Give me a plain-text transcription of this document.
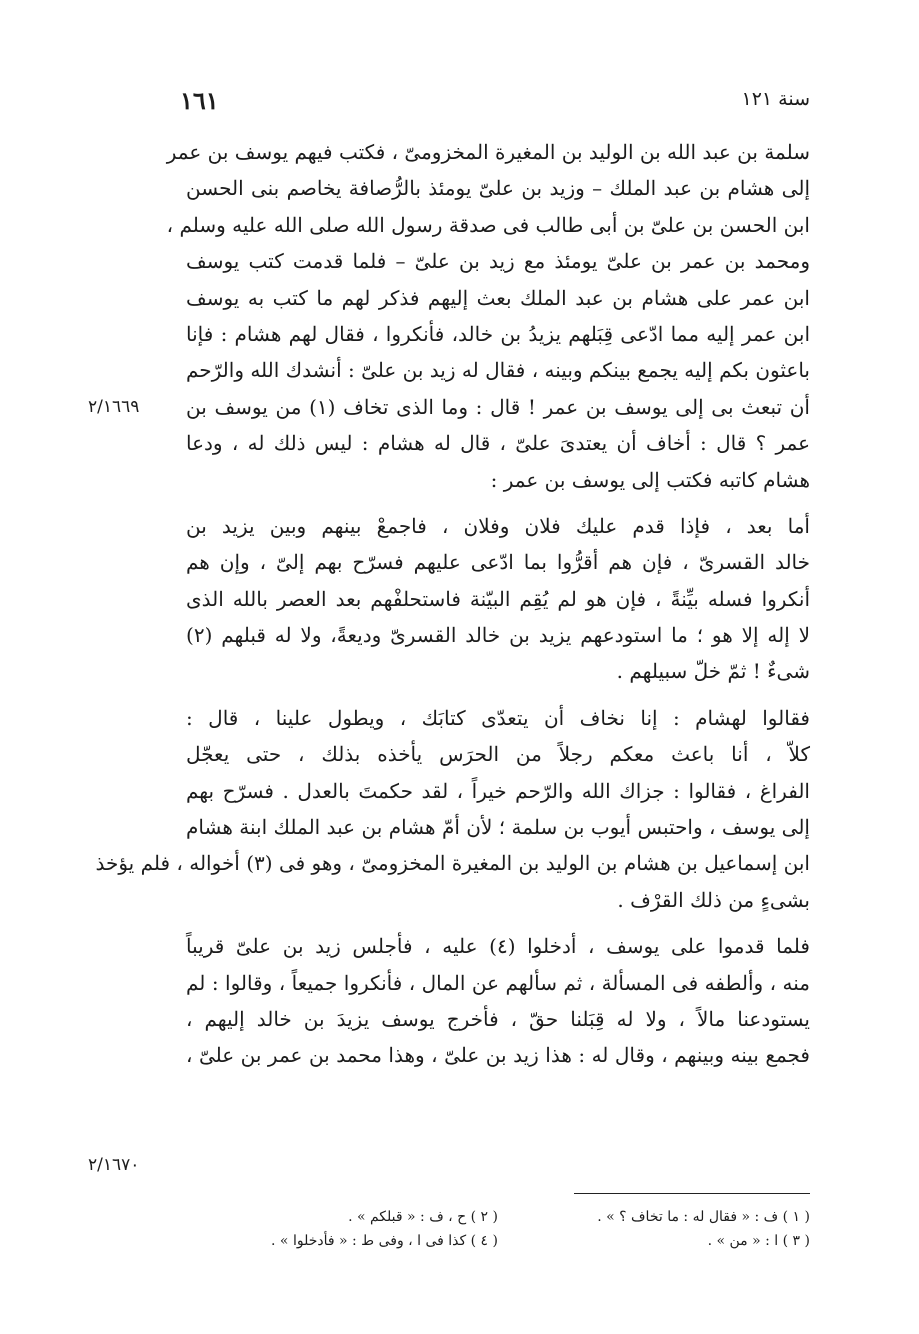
سنة ١٢١
١٦١
سلمة بن عبد الله بن الوليد بن المغيرة المخزومىّ ، فكتب فيهم يوسف بن عمر
إلى هشام بن عبد الملك – وزيد بن علىّ يومئذ بالرُّصافة يخاصم بنى الحسن
ابن الحسن بن علىّ بن أبى طالب فى صدقة رسول الله صلى الله عليه وسلم ،
ومحمد بن عمر بن علىّ يومئذ مع زيد بن علىّ – فلما قدمت كتب يوسف
ابن عمر على هشام بن عبد الملك بعث إليهم فذكر لهم ما كتب به يوسف
ابن عمر إليه مما ادّعى قِبَلهم يزيدُ بن خالد، فأنكروا ، فقال لهم هشام : فإنا
باعثون بكم إليه يجمع بينكم وبينه ، فقال له زيد بن علىّ : أنشدك الله والرّحم
أن تبعث بى إلى يوسف بن عمر ! قال : وما الذى تخاف (١) من يوسف بن
عمر ؟ قال : أخاف أن يعتدىَ علىّ ، قال له هشام : ليس ذلك له ، ودعا
هشام كاتبه فكتب إلى يوسف بن عمر :
أما بعد ، فإذا قدم عليك فلان وفلان ، فاجمعْ بينهم وبين يزيد بن
خالد القسرىّ ، فإن هم أقرُّوا بما ادّعى عليهم فسرّح بهم إلىّ ، وإن هم
أنكروا فسله بيِّنةً ، فإن هو لم يُقِم البيّنة فاستحلفْهم بعد العصر بالله الذى
لا إله إلا هو ؛ ما استودعهم يزيد بن خالد القسرىّ وديعةً، ولا له قبلهم (٢)
شىءٌ ! ثمّ خلّ سبيلهم .
فقالوا لهشام : إنا نخاف أن يتعدّى كتابَك ، ويطول علينا ، قال :
كلاّ ، أنا باعث معكم رجلاً من الحرَس يأخذه بذلك ، حتى يعجّل
الفراغ ، فقالوا : جزاك الله والرّحم خيراً ، لقد حكمتَ بالعدل . فسرّح بهم
إلى يوسف ، واحتبس أيوب بن سلمة ؛ لأن أمّ هشام بن عبد الملك ابنة هشام
ابن إسماعيل بن هشام بن الوليد بن المغيرة المخزومىّ ، وهو فى (٣) أخواله ، فلم يؤخذ
بشىءٍ من ذلك القرْف .
فلما قدموا على يوسف ، أدخلوا (٤) عليه ، فأجلس زيد بن علىّ قريباً
منه ، وألطفه فى المسألة ، ثم سألهم عن المال ، فأنكروا جميعاً ، وقالوا : لم
يستودعنا مالاً ، ولا له قِبَلنا حقّ ، فأخرج يوسف يزيدَ بن خالد إليهم ،
فجمع بينه وبينهم ، وقال له : هذا زيد بن علىّ ، وهذا محمد بن عمر بن علىّ ،
٢/١٦٦٩
٢/١٦٧٠
( ١ ) ف : « فقال له : ما تخاف ؟ » .
( ٢ ) ح ، ف : « قبلكم » .
( ٣ ) ا : « من » .
( ٤ ) كذا فى ا ، وفى ط : « فأدخلوا » .
